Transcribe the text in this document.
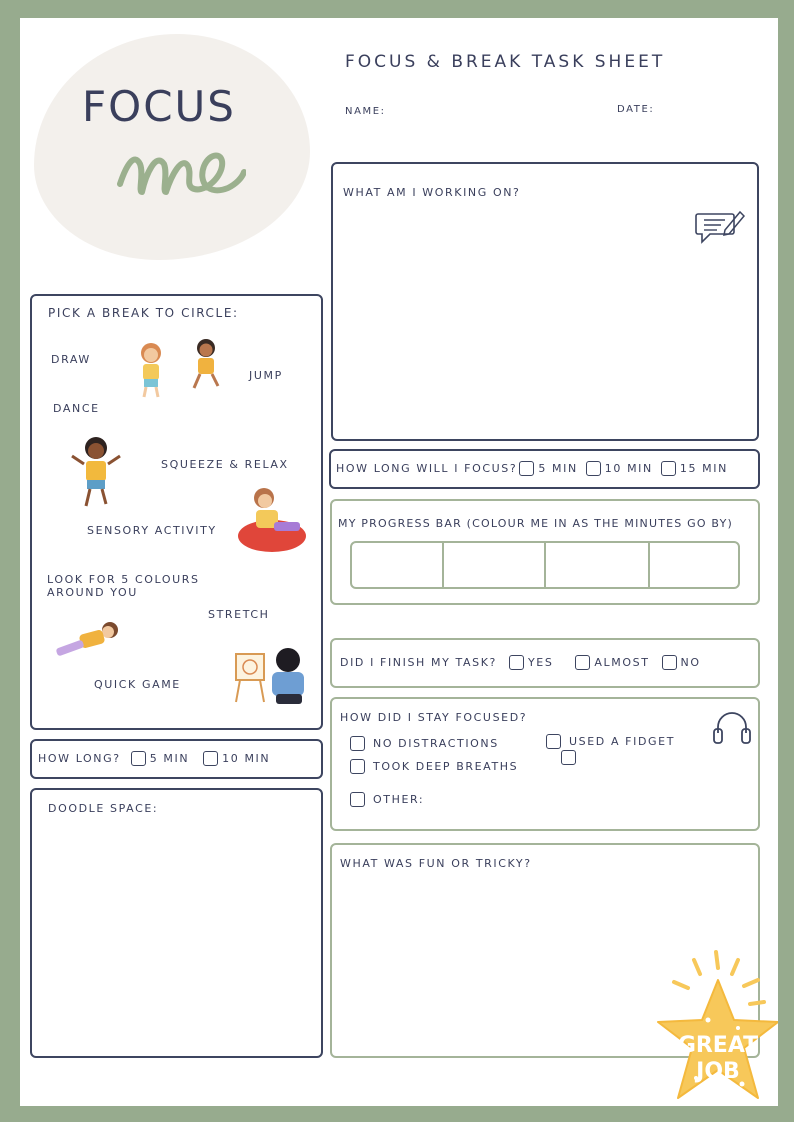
FOCUS
FOCUS & BREAK TASK SHEET
NAME:	DATE:
WHAT AM I WORKING ON?
PICK A BREAK TO CIRCLE:
DRAW
JUMP
DANCE
SQUEEZE & RELAX
SENSORY ACTIVITY
LOOK FOR 5 COLOURS
AROUND YOU
STRETCH
QUICK GAME
HOW LONG?	5 MIN	10 MIN
DOODLE SPACE:
HOW LONG WILL I FOCUS? 5 MIN 10 MIN 15 MIN
MY PROGRESS BAR (COLOUR ME IN AS THE MINUTES GO BY)
DID I FINISH MY TASK?	YES	ALMOST	NO
HOW DID I STAY FOCUSED?
NO DISTRACTIONS
TOOK DEEP BREATHS
OTHER:
USED A FIDGET
WHAT WAS FUN OR TRICKY?
GREAT
JOB
